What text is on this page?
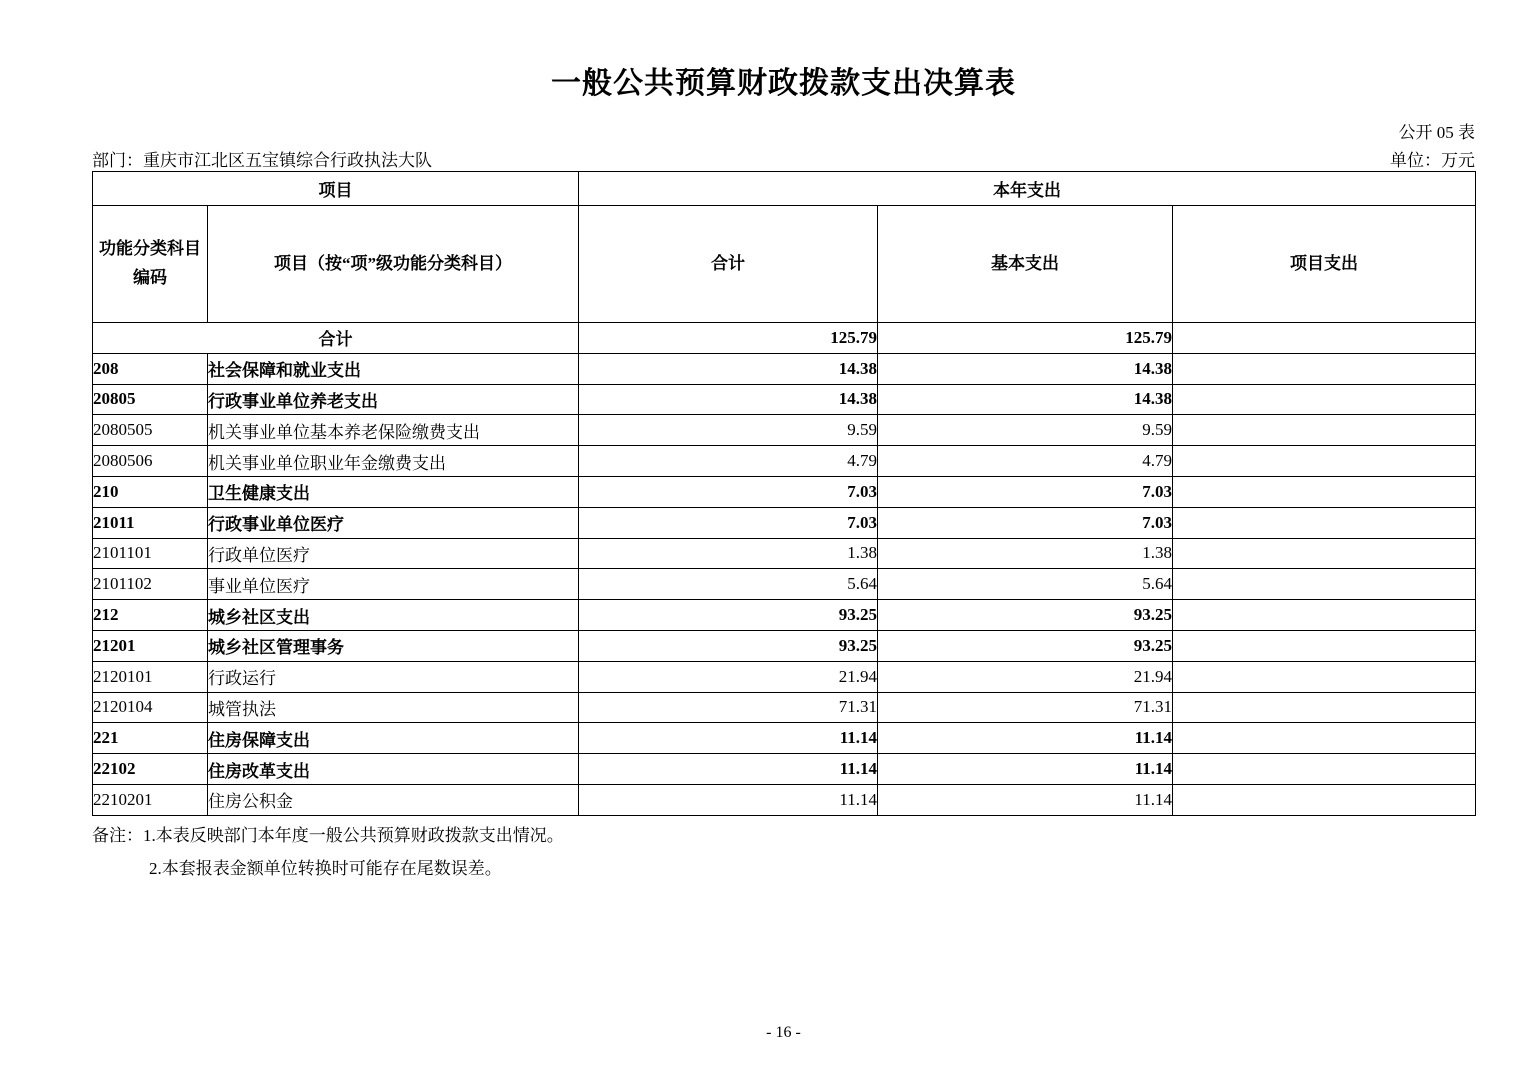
一般公共预算财政拨款支出决算表
公开 05 表
部门：重庆市江北区五宝镇综合行政执法大队	单位：万元
项目		本年支出		
功能分类科目
编码	项目（按“项”级功能分类科目）	合计	基本支出	项目支出
合计		125.79	125.79	
208	社会保障和就业支出	14.38	14.38	
20805	行政事业单位养老支出	14.38	14.38	
2080505	机关事业单位基本养老保险缴费支出	9.59	9.59	
2080506	机关事业单位职业年金缴费支出	4.79	4.79	
210	卫生健康支出	7.03	7.03	
21011	行政事业单位医疗	7.03	7.03	
2101101	行政单位医疗	1.38	1.38	
2101102	事业单位医疗	5.64	5.64	
212	城乡社区支出	93.25	93.25	
21201	城乡社区管理事务	93.25	93.25	
2120101	行政运行	21.94	21.94	
2120104	城管执法	71.31	71.31	
221	住房保障支出	11.14	11.14	
22102	住房改革支出	11.14	11.14	
2210201	住房公积金	11.14	11.14	
备注：1.本表反映部门本年度一般公共预算财政拨款支出情况。
2.本套报表金额单位转换时可能存在尾数误差。
- 16 -
